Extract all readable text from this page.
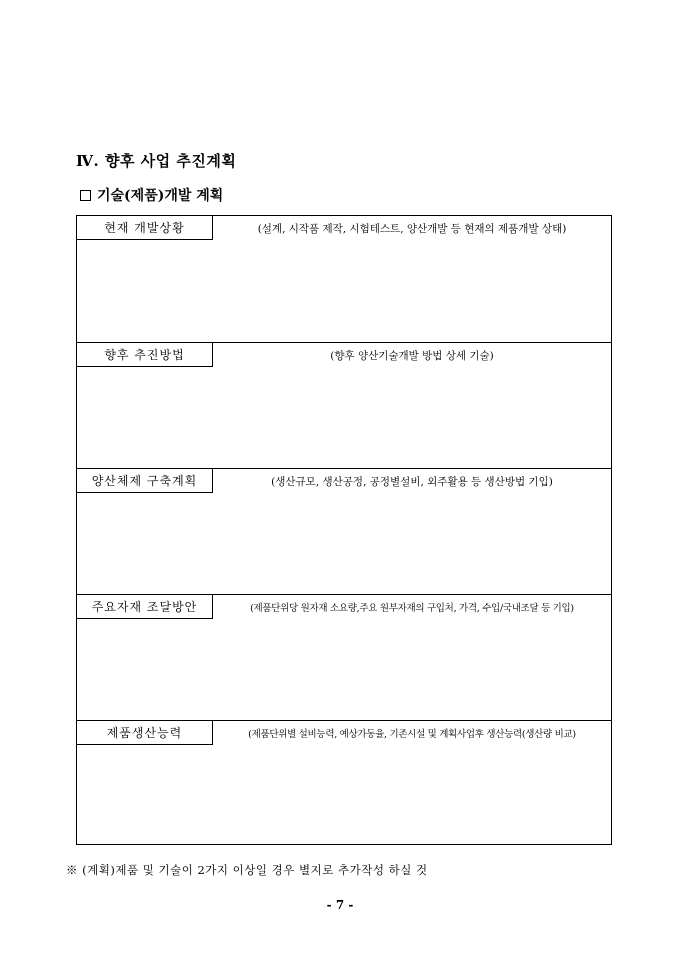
Ⅳ. 향후 사업 추진계획
기술(제품)개발 계획
현재 개발상황	(설계, 시작품 제작, 시험테스트, 양산개발 등 현재의 제품개발 상태)
향후 추진방법	(향후 양산기술개발 방법 상세 기술)
양산체제 구축계획	(생산규모, 생산공정, 공정별설비, 외주활용 등 생산방법 기입)
주요자재 조달방안	(제품단위당 원자재 소요량,주요 원부자재의 구입처, 가격, 수입/국내조달 등 기입)
제품생산능력	(제품단위별 설비능력, 예상가동율, 기존시설 및 계획사업후 생산능력(생산량 비교)
※ (계획)제품 및 기술이 2가지 이상일 경우 별지로 추가작성 하실 것
- 7 -
